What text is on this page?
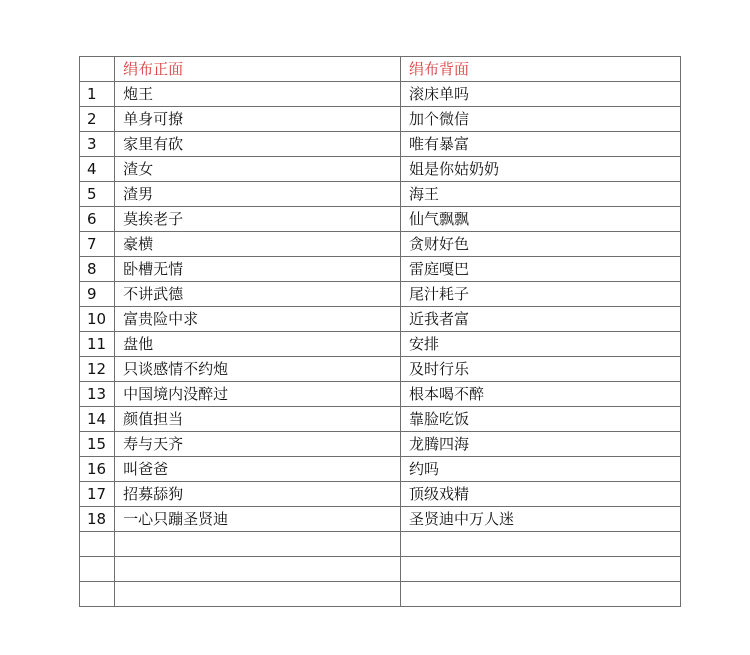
	绢布正面	绢布背面
1	炮王	滚床单吗
2	单身可撩	加个微信
3	家里有砍	唯有暴富
4	渣女	姐是你姑奶奶
5	渣男	海王
6	莫挨老子	仙气飘飘
7	豪横	贪财好色
8	卧槽无情	雷庭嘎巴
9	不讲武德	尾汁耗子
10	富贵险中求	近我者富
11	盘他	安排
12	只谈感情不约炮	及时行乐
13	中国境内没醉过	根本喝不醉
14	颜值担当	靠脸吃饭
15	寿与天齐	龙腾四海
16	叫爸爸	约吗
17	招募舔狗	顶级戏精
18	一心只蹦圣贤迪	圣贤迪中万人迷
